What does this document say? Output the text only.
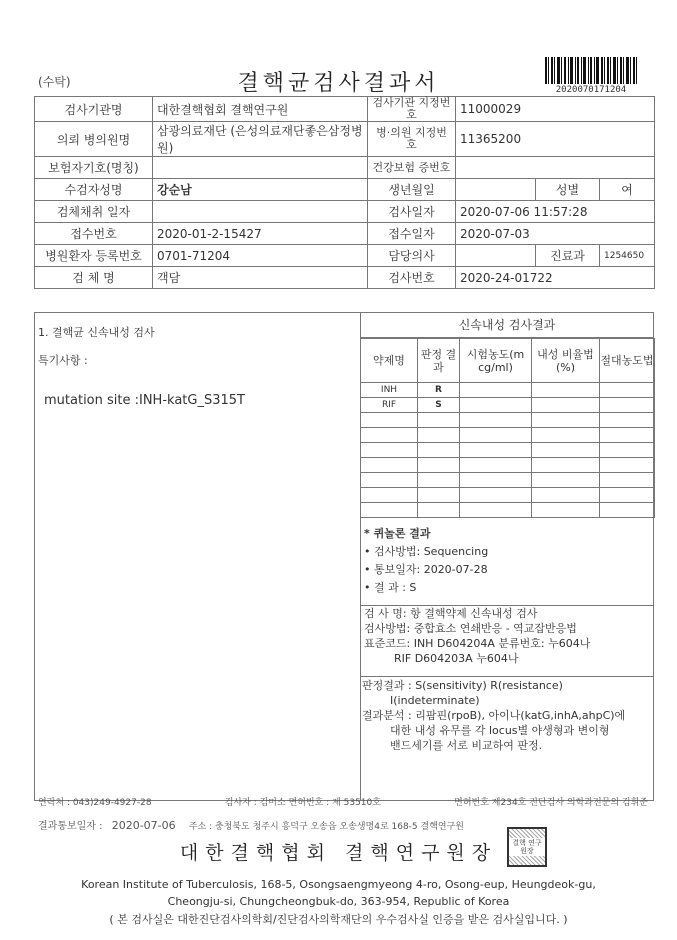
(수탁)	결핵균검사결과서	2020070171204
검사기관명	대한결핵협회 결핵연구원	검사기관 지정번호	11000029		
의뢰 병의원명	삼광의료재단 (은성의료재단좋은삼정병원)	병·의원 지정번호	11365200		
보험자기호(명칭)		건강보험 증번호			
수검자성명	강순남	생년월일		성별	여
검체채취 일자		검사일자	2020-07-06 11:57:28		
접수번호	2020-01-2-15427	접수일자	2020-07-03		
병원환자 등록번호	0701-71204	담당의사		진료과	1254650
검 체 명	객담	검사번호	2020-24-01722		
1. 결핵균 신속내성 검사
특기사항 :
mutation site :INH-katG_S315T
신속내성 검사결과
약제명	판정 결과	시험농도(m cg/ml)	내성 비율법(%)	절대농도법
INH	R			
RIF	S			

* 퀴놀론 결과
• 검사방법: Sequencing
• 통보일자: 2020-07-28
• 결 과 : S
검 사 명: 항 결핵약제 신속내성 검사
검사방법: 중합효소 연쇄반응 - 역교잡반응법
표준코드: INH D604204A 분류번호: 누604나
RIF D604203A 누604나
판정결과 : S(sensitivity) R(resistance)
I(indeterminate)
결과분석 : 리팜핀(rpoB), 아이나(katG,inhA,ahpC)에
대한 내성 유무를 각 locus별 야생형과 변이형
밴드세기를 서로 비교하여 판정.
연락처 : 043)249-4927-28	검사자 : 김미소 면허번호 : 제 53510호	면허번호 제234호 진단검사 의학과전문의 김휘준
결과통보일자 : 2020-07-06 주소 : 충청북도 청주시 흥덕구 오송읍 오송생명4로 168-5 결핵연구원
대한결핵협회 결핵연구원장	결핵 연구원장
Korean Institute of Tuberculosis, 168-5, Osongsaengmyeong 4-ro, Osong-eup, Heungdeok-gu,
Cheongju-si, Chungcheongbuk-do, 363-954, Republic of Korea
( 본 검사실은 대한진단검사의학회/진단검사의학재단의 우수검사실 인증을 받은 검사실입니다. )
